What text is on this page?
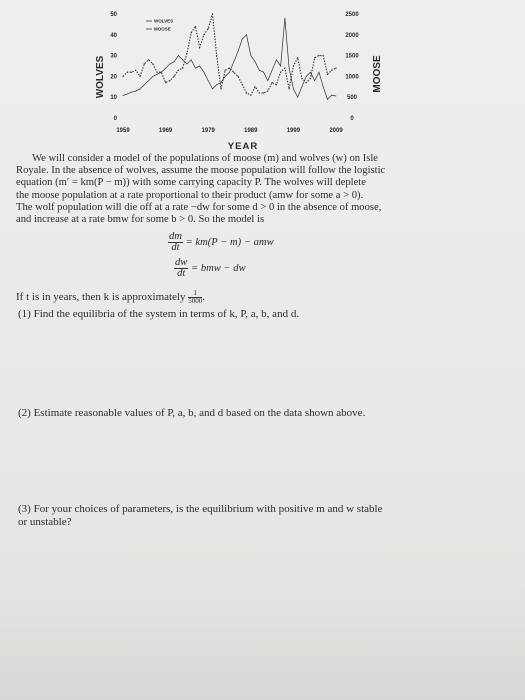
0
10
20
30
40
50
0
500
1000
1500
2000
2500
1959	1969	1979	1989	1999	2009
WOLVES	MOOSE
YEAR
WOLVES
MOOSE

We will consider a model of the populations of moose (m) and wolves (w) on Isle

Royale. In the absence of wolves, assume the moose population will follow the logistic

equation (m′ = km(P − m)) with some carrying capacity P. The wolves will deplete

the moose population at a rate proportional to their product (amw for some a > 0).

The wolf population will die off at a rate −dw for some d > 0 in the absence of moose,

and increase at a rate bmw for some b > 0. So the model is

$\frac{dm}{dt} = km(P - m)$ − amw
$\frac{dw}{dt}$ = bmw − dw
If t is in years, then k is approximately $\frac{1}{5000}$ .
(1) Find the equilibria of the system in terms of k, P, a, b, and d.
(2) Estimate reasonable values of P, a, b, and d based on the data shown above.
(3) For your choices of parameters, is the equilibrium with positive m and w stable
or unstable?
